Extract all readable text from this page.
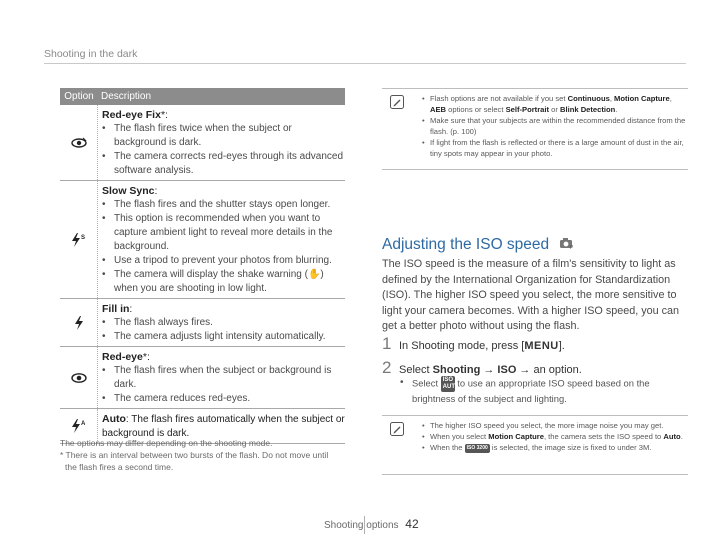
Shooting in the dark
Option Description
Red-eye Fix*:
• The flash fires twice when the subject or background is dark.
• The camera corrects red-eyes through its advanced software analysis.
S
Slow Sync:
• The flash fires and the shutter stays open longer.
• This option is recommended when you want to capture ambient light to reveal more details in the background.
• Use a tripod to prevent your photos from blurring.
• The camera will display the shake warning (✋) when you are shooting in low light.
Fill in:
• The flash always fires.
• The camera adjusts light intensity automatically.
Red-eye*:
• The flash fires when the subject or background is dark.
• The camera reduces red-eyes.
A Auto: The flash fires automatically when the subject or background is dark.
The options may differ depending on the shooting mode.
* There is an interval between two bursts of the flash. Do not move until
the flash fires a second time.
• Flash options are not available if you set Continuous, Motion Capture, AEB options or select Self-Portrait or Blink Detection.
• Make sure that your subjects are within the recommended distance from the flash. (p. 100)
• If light from the flash is reflected or there is a large amount of dust in the air, tiny spots may appear in your photo.
Adjusting the ISO speed	P
The ISO speed is the measure of a film's sensitivity to light as defined by the International Organization for Standardization (ISO). The higher ISO speed you select, the more sensitive to light your camera becomes. With a higher ISO speed, you can get a better photo without using the flash.
1 In Shooting mode, press [MENU].
2 Select Shooting → ISO → an option.
• Select ISO AUTO to use an appropriate ISO speed based on the brightness of the subject and lighting.
• The higher ISO speed you select, the more image noise you may get.
• When you select Motion Capture, the camera sets the ISO speed to Auto.
• When the ISO 3200 is selected, the image size is fixed to under 3M.
Shooting options 42
